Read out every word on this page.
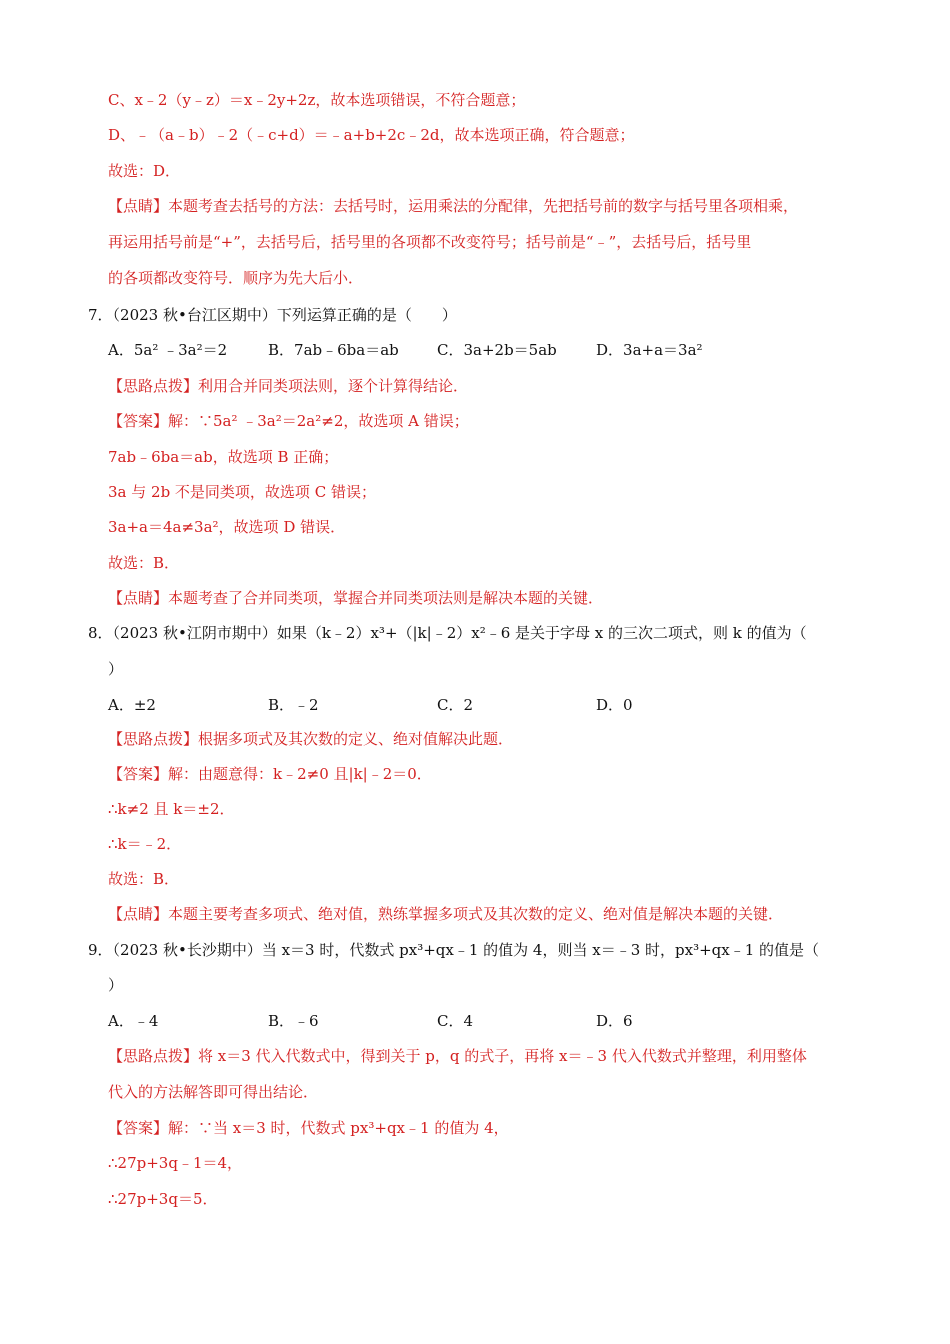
C、x﹣2（y﹣z）＝x﹣2y+2z，故本选项错误，不符合题意；
D、﹣（a﹣b）﹣2（﹣c+d）＝﹣a+b+2c﹣2d，故本选项正确，符合题意；
故选：D．
【点睛】本题考查去括号的方法：去括号时，运用乘法的分配律，先把括号前的数字与括号里各项相乘，
再运用括号前是“+”，去括号后，括号里的各项都不改变符号；括号前是“﹣”，去括号后，括号里
的各项都改变符号．顺序为先大后小．
7．（2023 秋•台江区期中）下列运算正确的是（　　）
A．5a² ﹣3a²＝2	B．7ab﹣6ba＝ab	C．3a+2b＝5ab	D．3a+a＝3a²
【思路点拨】利用合并同类项法则，逐个计算得结论．
【答案】解：∵5a² ﹣3a²＝2a²≠2，故选项 A 错误；
7ab﹣6ba＝ab，故选项 B 正确；
3a 与 2b 不是同类项，故选项 C 错误；
3a+a＝4a≠3a²，故选项 D 错误．
故选：B．
【点睛】本题考查了合并同类项，掌握合并同类项法则是解决本题的关键．
8．（2023 秋•江阴市期中）如果（k﹣2）x³+（|k|﹣2）x²﹣6 是关于字母 x 的三次二项式，则 k 的值为（
）
A．±2	B．﹣2	C．2	D．0
【思路点拨】根据多项式及其次数的定义、绝对值解决此题．
【答案】解：由题意得：k﹣2≠0 且|k|﹣2＝0．
∴k≠2 且 k＝±2．
∴k＝﹣2．
故选：B．
【点睛】本题主要考查多项式、绝对值，熟练掌握多项式及其次数的定义、绝对值是解决本题的关键．
9．（2023 秋•长沙期中）当 x＝3 时，代数式 px³+qx﹣1 的值为 4，则当 x＝﹣3 时，px³+qx﹣1 的值是（
）
A．﹣4	B．﹣6	C．4	D．6
【思路点拨】将 x＝3 代入代数式中，得到关于 p，q 的式子，再将 x＝﹣3 代入代数式并整理，利用整体
代入的方法解答即可得出结论．
【答案】解：∵当 x＝3 时，代数式 px³+qx﹣1 的值为 4，
∴27p+3q﹣1＝4，
∴27p+3q＝5．
